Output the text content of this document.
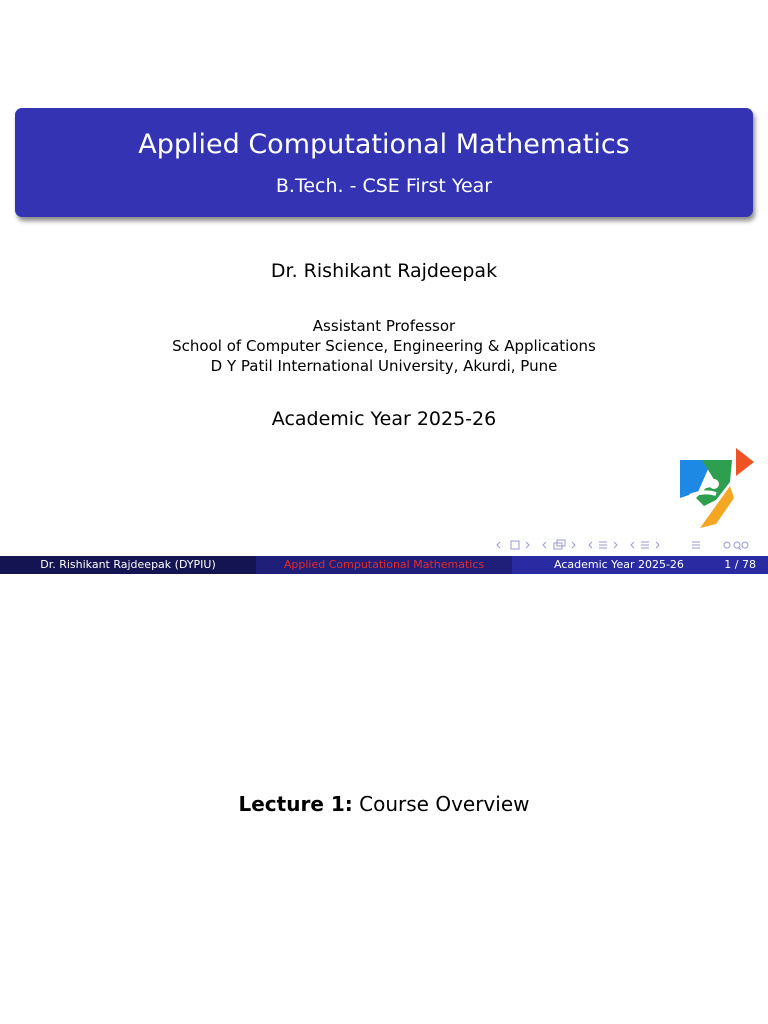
Applied Computational Mathematics
B.Tech. - CSE First Year
Dr. Rishikant Rajdeepak
Assistant Professor
School of Computer Science, Engineering & Applications
D Y Patil International University, Akurdi, Pune
Academic Year 2025-26
Dr. Rishikant Rajdeepak (DYPIU)	Applied Computational Mathematics	Academic Year 2025-26	1 / 78
Lecture 1: Course Overview
